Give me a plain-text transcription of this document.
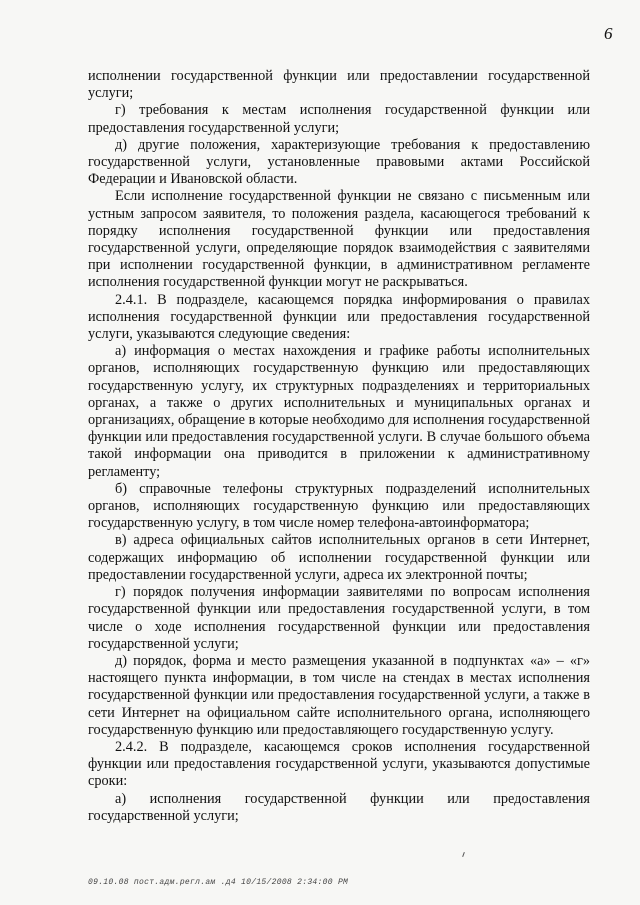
6

исполнении государственной функции или предоставлении государственной услуги;

г) требования к местам исполнения государственной функции или предоставления государственной услуги;

д) другие положения, характеризующие требования к предоставлению государственной услуги, установленные правовыми актами Российской Федерации и Ивановской области.

Если исполнение государственной функции не связано с письменным или устным запросом заявителя, то положения раздела, касающегося требований к порядку исполнения государственной функции или предоставления государственной услуги, определяющие порядок взаимодействия с заявителями при исполнении государственной функции, в административном регламенте исполнения государственной функции могут не раскрываться.

2.4.1. В подразделе, касающемся порядка информирования о правилах исполнения государственной функции или предоставления государственной услуги, указываются следующие сведения:

а) информация о местах нахождения и графике работы исполнительных органов, исполняющих государственную функцию или предоставляющих государственную услугу, их структурных подразделениях и территориальных органах, а также о других исполнительных и муниципальных органах и организациях, обращение в которые необходимо для исполнения государственной функции или предоставления государственной услуги. В случае большого объема такой информации она приводится в приложении к административному регламенту;

б) справочные телефоны структурных подразделений исполнительных органов, исполняющих государственную функцию или предоставляющих государственную услугу, в том числе номер телефона-автоинформатора;

в) адреса официальных сайтов исполнительных органов в сети Интернет, содержащих информацию об исполнении государственной функции или предоставлении государственной услуги, адреса их электронной почты;

г) порядок получения информации заявителями по вопросам исполнения государственной функции или предоставления государственной услуги, в том числе о ходе исполнения государственной функции или предоставления государственной услуги;

д) порядок, форма и место размещения указанной в подпунктах «а» – «г» настоящего пункта информации, в том числе на стендах в местах исполнения государственной функции или предоставления государственной услуги, а также в сети Интернет на официальном сайте исполнительного органа, исполняющего государственную функцию или предоставляющего государственную услугу.

2.4.2. В подразделе, касающемся сроков исполнения государственной функции или предоставления государственной услуги, указываются допустимые сроки:

а) исполнения государственной функции или предоставления государственной услуги;

09.10.08 пост.адм.регл.ам .д4 10/15/2008 2:34:00 PM
